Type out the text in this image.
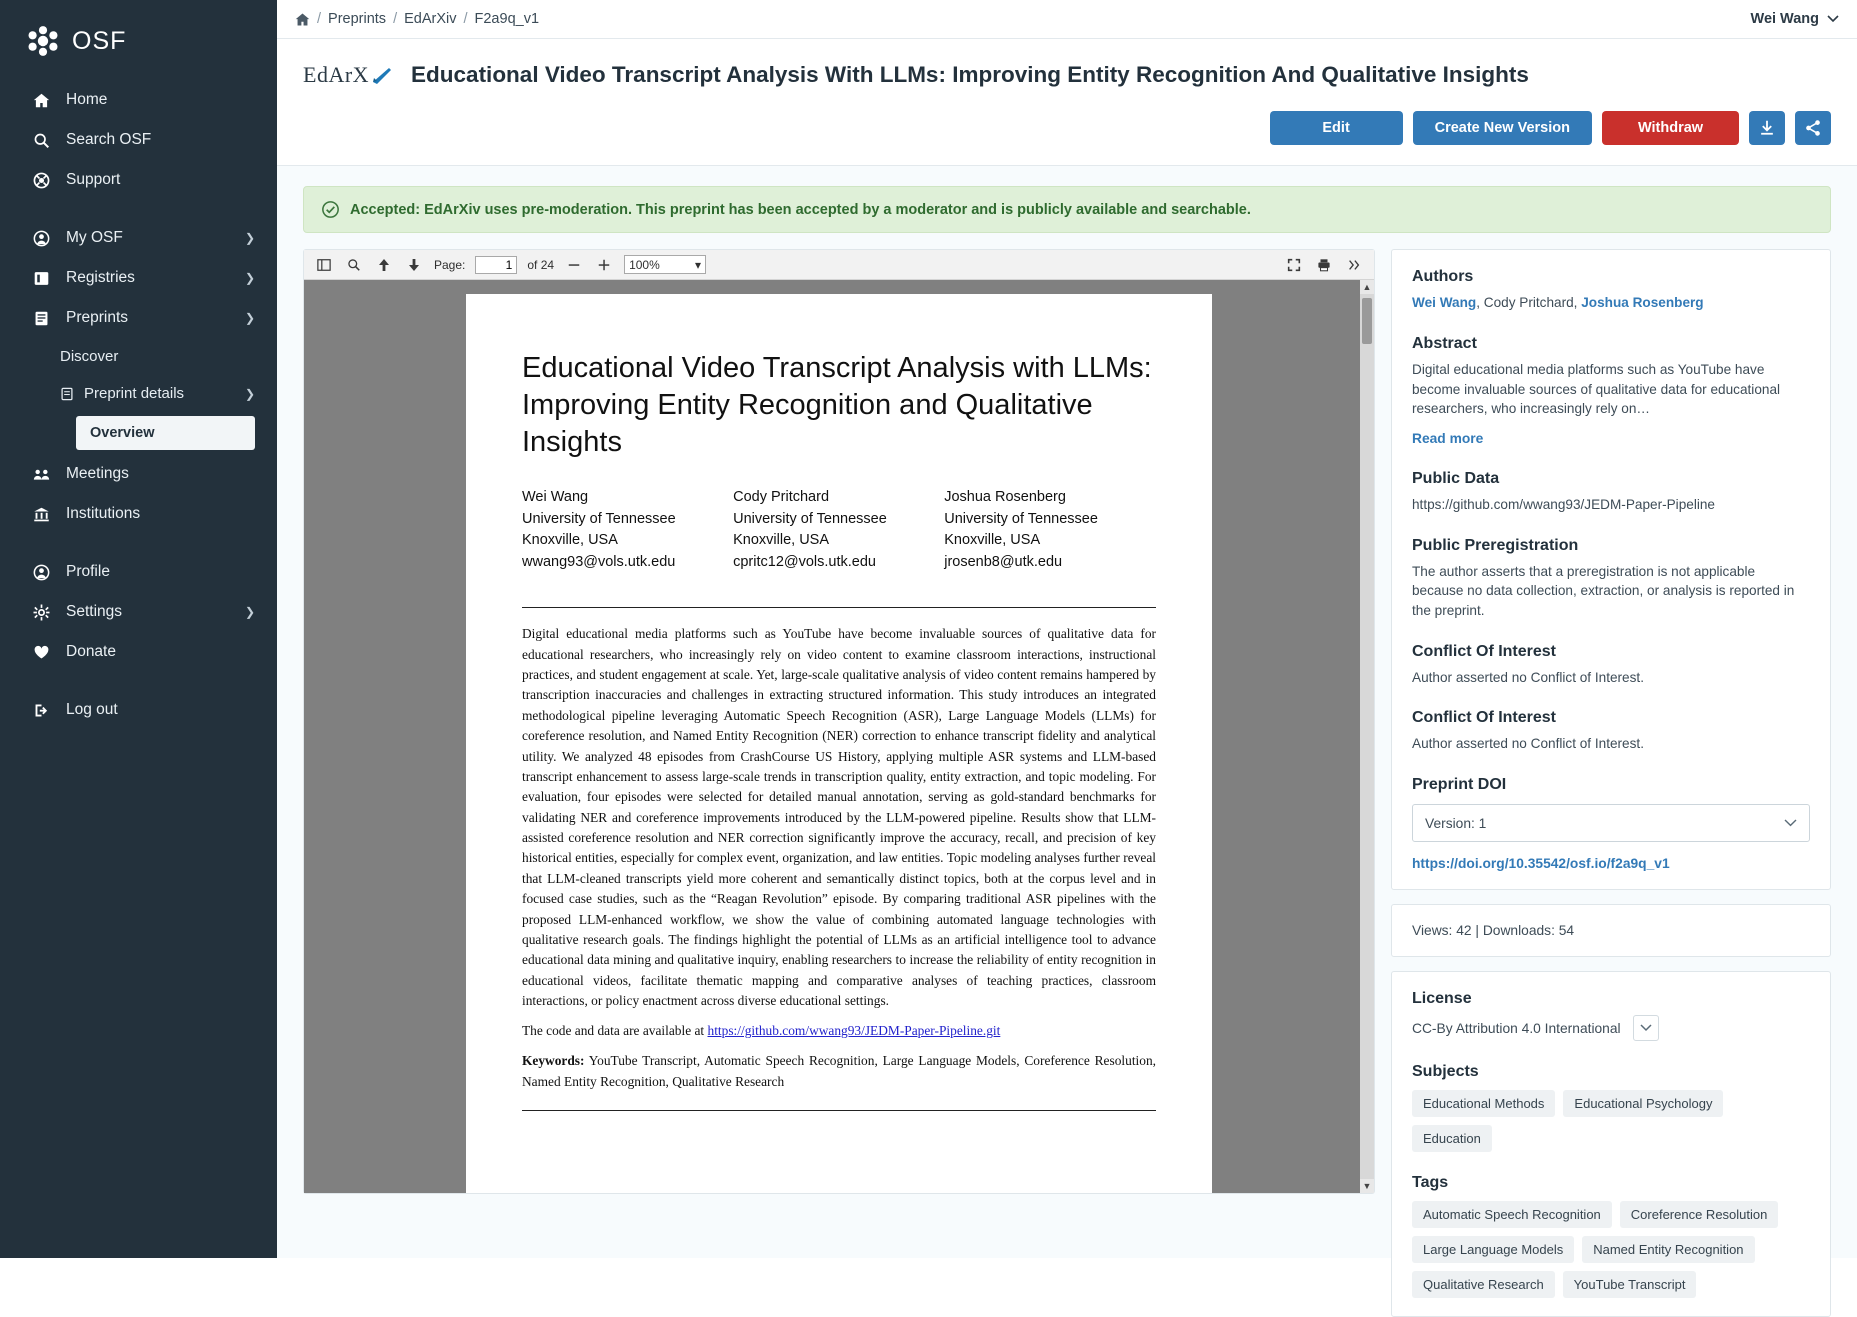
OSF
Home
Search OSF
Support
My OSF	❯
Registries	❯
Preprints	❯
Discover
Preprint details	❯
Overview
Meetings
Institutions
Profile
Settings	❯
Donate
Log out
/ Preprints / EdArXiv / F2a9q_v1	Wei Wang
EdArX Educational Video Transcript Analysis With LLMs: Improving Entity Recognition And Qualitative Insights
Edit	Create New Version	Withdraw
Accepted: EdArXiv uses pre-moderation. This preprint has been accepted by a moderator and is publicly available and searchable.
Page:
1	of 24	100%	▾
Educational Video Transcript Analysis with LLMs: Improving Entity Recognition and Qualitative Insights
Wei Wang
University of Tennessee
Knoxville, USA
wwang93@vols.utk.edu
Cody Pritchard
University of Tennessee
Knoxville, USA
cpritc12@vols.utk.edu
Joshua Rosenberg
University of Tennessee
Knoxville, USA
jrosenb8@utk.edu

Digital educational media platforms such as YouTube have become invaluable sources of qualitative data for educational researchers, who increasingly rely on video content to examine classroom interactions, instructional practices, and student engagement at scale. Yet, large-scale qualitative analysis of video content remains hampered by transcription inaccuracies and challenges in extracting structured information. This study introduces an integrated methodological pipeline leveraging Automatic Speech Recognition (ASR), Large Language Models (LLMs) for coreference resolution, and Named Entity Recognition (NER) correction to enhance transcript fidelity and analytical utility. We analyzed 48 episodes from CrashCourse US History, applying multiple ASR systems and LLM-based transcript enhancement to assess large-scale trends in transcription quality, entity extraction, and topic modeling. For evaluation, four episodes were selected for detailed manual annotation, serving as gold-standard benchmarks for validating NER and coreference improvements introduced by the LLM-powered pipeline. Results show that LLM-assisted coreference resolution and NER correction significantly improve the accuracy, recall, and precision of key historical entities, especially for complex event, organization, and law entities. Topic modeling analyses further reveal that LLM-cleaned transcripts yield more coherent and semantically distinct topics, both at the corpus level and in focused case studies, such as the “Reagan Revolution” episode. By comparing traditional ASR pipelines with the proposed LLM-enhanced workflow, we show the value of combining automated language technologies with qualitative research goals. The findings highlight the potential of LLMs as an artificial intelligence tool to advance educational data mining and qualitative inquiry, enabling researchers to increase the reliability of entity recognition in educational videos, facilitate thematic mapping and comparative analyses of teaching practices, classroom interactions, or policy enactment across diverse educational settings.

The code and data are available at https://github.com/wwang93/JEDM-Paper-Pipeline.git

Keywords: YouTube Transcript, Automatic Speech Recognition, Large Language Models, Coreference Resolution, Named Entity Recognition, Qualitative Research

▲
▼
Authors

Wei Wang, Cody Pritchard, Joshua Rosenberg

Abstract

Digital educational media platforms such as YouTube have become invaluable sources of qualitative data for educational researchers, who increasingly rely on…

Read more
Public Data

https://github.com/wwang93/JEDM-Paper-Pipeline

Public Preregistration

The author asserts that a preregistration is not applicable because no data collection, extraction, or analysis is reported in the preprint.

Conflict Of Interest

Author asserted no Conflict of Interest.

Conflict Of Interest

Author asserted no Conflict of Interest.

Preprint DOI
Version: 1
https://doi.org/10.35542/osf.io/f2a9q_v1
Views: 42 | Downloads: 54
License
CC-By Attribution 4.0 International
Subjects
Educational Methods	Educational Psychology
Education
Tags
Automatic Speech Recognition	Coreference Resolution
Large Language Models	Named Entity Recognition
Qualitative Research	YouTube Transcript
